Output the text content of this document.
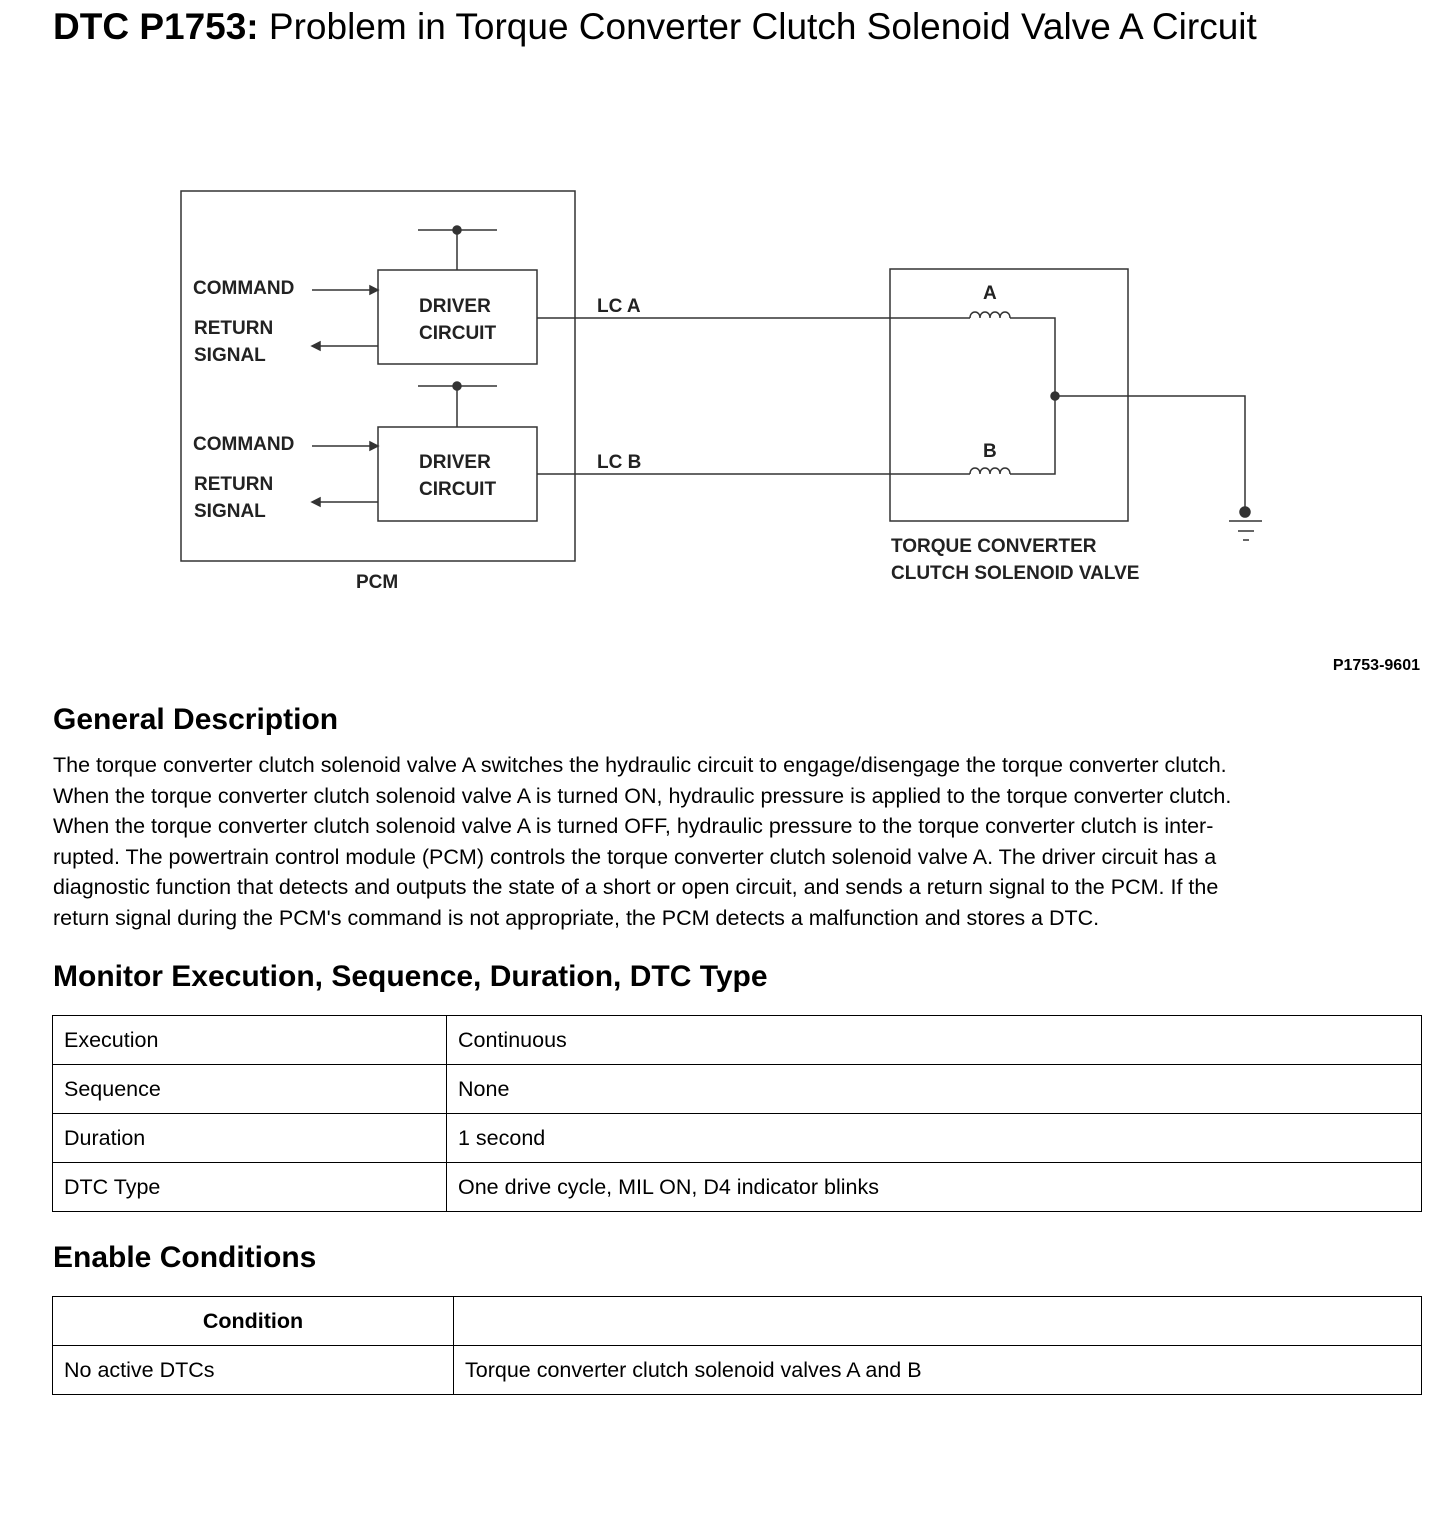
DTC P1753: Problem in Torque Converter Clutch Solenoid Valve A Circuit
COMMAND
RETURN
SIGNAL
COMMAND
RETURN
SIGNAL
DRIVER
CIRCUIT
DRIVER
CIRCUIT
LC A
LC B
A
B
PCM
TORQUE CONVERTER
CLUTCH SOLENOID VALVE
P1753-9601
General Description
The torque converter clutch solenoid valve A switches the hydraulic circuit to engage/disengage the torque converter clutch.
When the torque converter clutch solenoid valve A is turned ON, hydraulic pressure is applied to the torque converter clutch.
When the torque converter clutch solenoid valve A is turned OFF, hydraulic pressure to the torque converter clutch is inter-
rupted. The powertrain control module (PCM) controls the torque converter clutch solenoid valve A. The driver circuit has a
diagnostic function that detects and outputs the state of a short or open circuit, and sends a return signal to the PCM. If the
return signal during the PCM's command is not appropriate, the PCM detects a malfunction and stores a DTC.
Monitor Execution, Sequence, Duration, DTC Type
Execution	Continuous
Sequence	None
Duration	1 second
DTC Type	One drive cycle, MIL ON, D4 indicator blinks
Enable Conditions
Condition	
No active DTCs	Torque converter clutch solenoid valves A and B
